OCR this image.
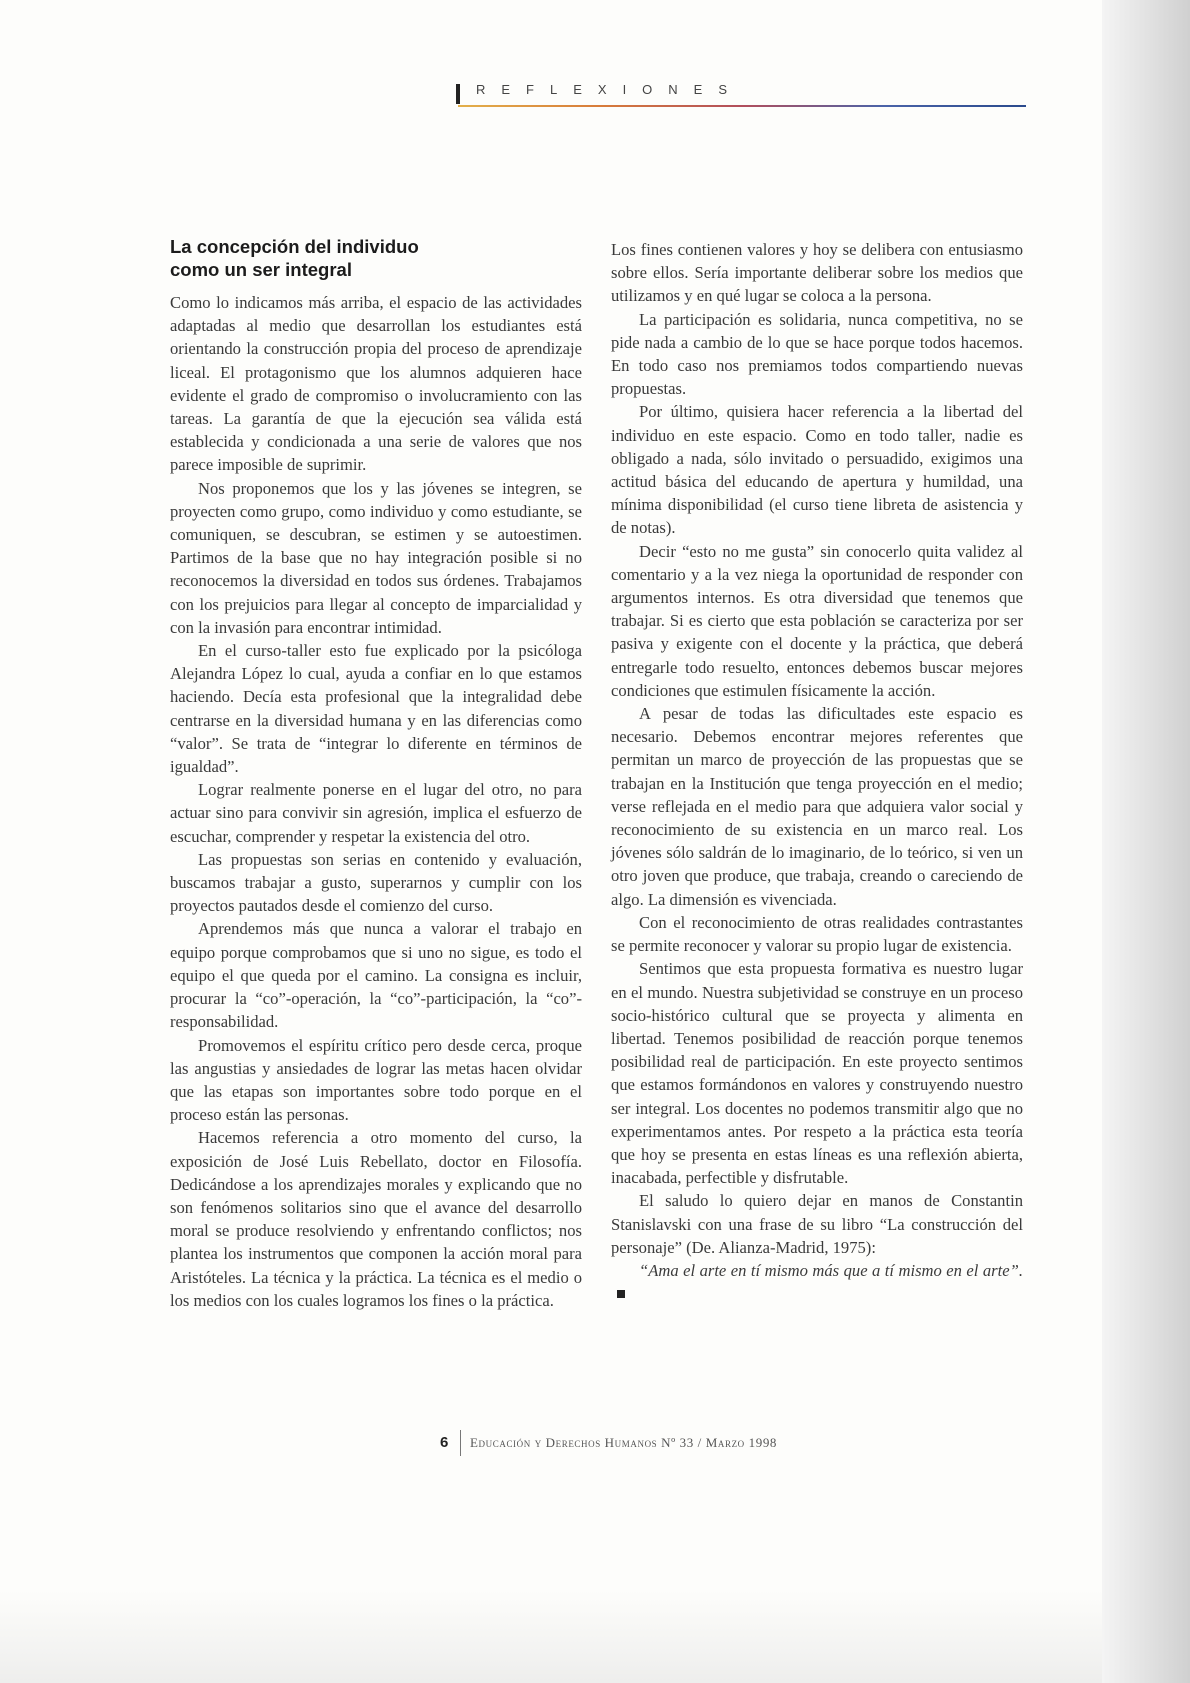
REFLEXIONES
La concepción del individuo
como un ser integral

Como lo indicamos más arriba, el espacio de las actividades adaptadas al medio que desarrollan los estudiantes está orientando la construcción propia del proceso de aprendizaje liceal. El protagonismo que los alumnos adquieren hace evidente el grado de compromiso o involucramiento con las tareas. La garantía de que la ejecución sea válida está establecida y condicionada a una serie de valores que nos parece imposible de suprimir.

Nos proponemos que los y las jóvenes se integren, se proyecten como grupo, como individuo y como estudiante, se comuniquen, se descubran, se estimen y se autoestimen. Partimos de la base que no hay integración posible si no reconocemos la diversidad en todos sus órdenes. Trabajamos con los prejuicios para llegar al concepto de imparcialidad y con la invasión para encontrar intimidad.

En el curso-taller esto fue explicado por la psicóloga Alejandra López lo cual, ayuda a confiar en lo que estamos haciendo. Decía esta profesional que la integralidad debe centrarse en la diversidad humana y en las diferencias como “valor”. Se trata de “integrar lo diferente en términos de igualdad”.

Lograr realmente ponerse en el lugar del otro, no para actuar sino para convivir sin agresión, implica el esfuerzo de escuchar, comprender y respetar la existencia del otro.

Las propuestas son serias en contenido y evaluación, buscamos trabajar a gusto, superarnos y cumplir con los proyectos pautados desde el comienzo del curso.

Aprendemos más que nunca a valorar el trabajo en equipo porque comprobamos que si uno no sigue, es todo el equipo el que queda por el camino. La consigna es incluir, procurar la “co”-operación, la “co”-participación, la “co”-responsabilidad.

Promovemos el espíritu crítico pero desde cerca, proque las angustias y ansiedades de lograr las metas hacen olvidar que las etapas son importantes sobre todo porque en el proceso están las personas.

Hacemos referencia a otro momento del curso, la exposición de José Luis Rebellato, doctor en Filosofía. Dedicándose a los aprendizajes morales y explicando que no son fenómenos solitarios sino que el avance del desarrollo moral se produce resolviendo y enfrentando conflictos; nos plantea los instrumentos que componen la acción moral para Aristóteles. La técnica y la práctica. La técnica es el medio o los medios con los cuales logramos los fines o la práctica.

Los fines contienen valores y hoy se delibera con entusiasmo sobre ellos. Sería importante deliberar sobre los medios que utilizamos y en qué lugar se coloca a la persona.

La participación es solidaria, nunca competitiva, no se pide nada a cambio de lo que se hace porque todos hacemos. En todo caso nos premiamos todos compartiendo nuevas propuestas.

Por último, quisiera hacer referencia a la libertad del individuo en este espacio. Como en todo taller, nadie es obligado a nada, sólo invitado o persuadido, exigimos una actitud básica del educando de apertura y humildad, una mínima disponibilidad (el curso tiene libreta de asistencia y de notas).

Decir “esto no me gusta” sin conocerlo quita validez al comentario y a la vez niega la oportunidad de responder con argumentos internos. Es otra diversidad que tenemos que trabajar. Si es cierto que esta población se caracteriza por ser pasiva y exigente con el docente y la práctica, que deberá entregarle todo resuelto, entonces debemos buscar mejores condiciones que estimulen físicamente la acción.

A pesar de todas las dificultades este espacio es necesario. Debemos encontrar mejores referentes que permitan un marco de proyección de las propuestas que se trabajan en la Institución que tenga proyección en el medio; verse reflejada en el medio para que adquiera valor social y reconocimiento de su existencia en un marco real. Los jóvenes sólo saldrán de lo imaginario, de lo teórico, si ven un otro joven que produce, que trabaja, creando o careciendo de algo. La dimensión es vivenciada.

Con el reconocimiento de otras realidades contrastantes se permite reconocer y valorar su propio lugar de existencia.

Sentimos que esta propuesta formativa es nuestro lugar en el mundo. Nuestra subjetividad se construye en un proceso socio-histórico cultural que se proyecta y alimenta en libertad. Tenemos posibilidad de reacción porque tenemos posibilidad real de participación. En este proyecto sentimos que estamos formándonos en valores y construyendo nuestro ser integral. Los docentes no podemos transmitir algo que no experimentamos antes. Por respeto a la práctica esta teoría que hoy se presenta en estas líneas es una reflexión abierta, inacabada, perfectible y disfrutable.

El saludo lo quiero dejar en manos de Constantin Stanislavski con una frase de su libro “La construcción del personaje” (De. Alianza-Madrid, 1975):

“Ama el arte en tí mismo más que a tí mismo en el arte”.

6 Educación y Derechos Humanos Nº 33 / Marzo 1998
